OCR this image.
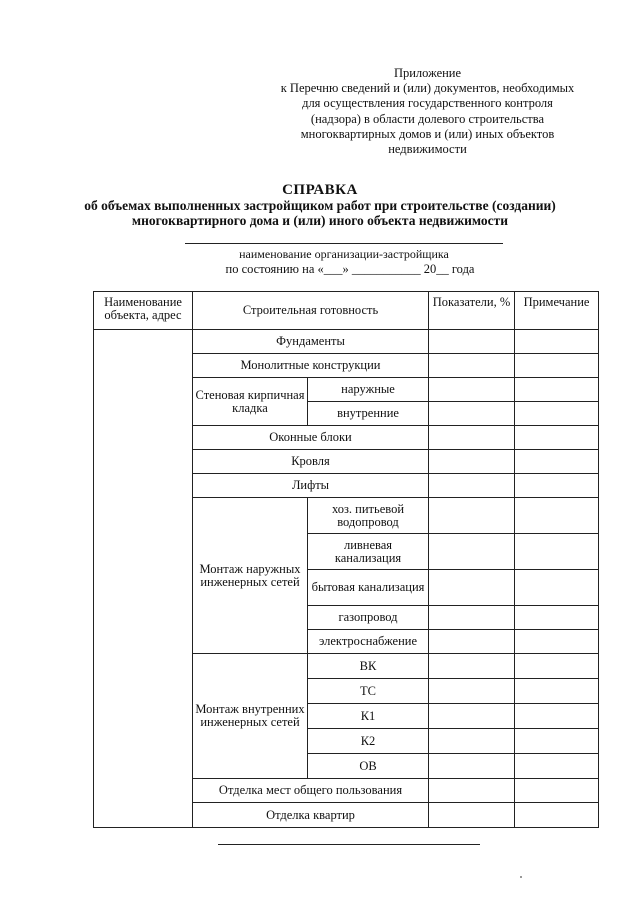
Приложение
к Перечню сведений и (или) документов, необходимых
для осуществления государственного контроля
(надзора) в области долевого строительства
многоквартирных домов и (или) иных объектов
недвижимости
СПРАВКА
об объемах выполненных застройщиком работ при строительстве (создании)
многоквартирного дома и (или) иного объекта недвижимости
наименование организации-застройщика
по состоянию на «___» ___________ 20__ года
Наименование объекта, адрес	Строительная готовность		Показатели, %	Примечание
	Фундаменты			
	Монолитные конструкции			
	Стеновая кирпичная кладка	наружные		
		внутренние		
	Оконные блоки			
	Кровля			
	Лифты			
	Монтаж наружных инженерных сетей	хоз. питьевой водопровод		
		ливневая канализация		
		бытовая канализация		
		газопровод		
		электроснабжение		
	Монтаж внутренних инженерных сетей	ВК		
		ТС		
		К1		
		К2		
		ОВ		
	Отделка мест общего пользования			
	Отделка квартир			
